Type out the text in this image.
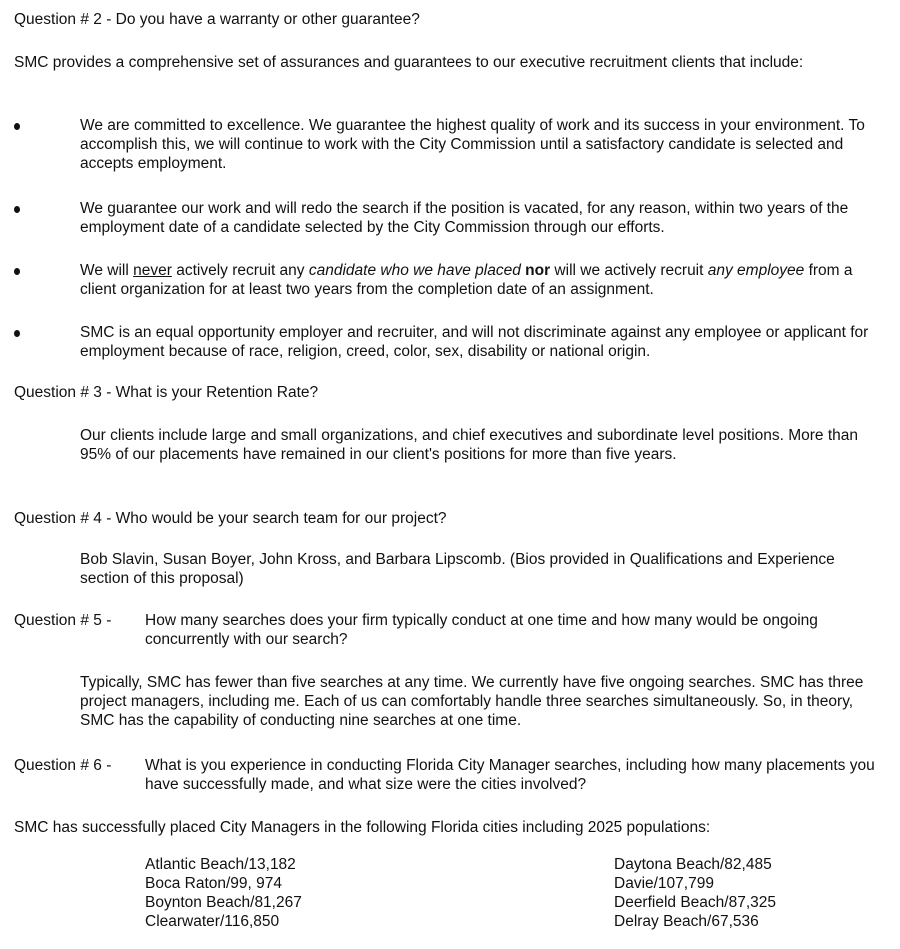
Question # 2 - Do you have a warranty or other guarantee?
SMC provides a comprehensive set of assurances and guarantees to our executive recruitment clients that include:
We are committed to excellence. We guarantee the highest quality of work and its success in your environment. To accomplish this, we will continue to work with the City Commission until a satisfactory candidate is selected and accepts employment.
We guarantee our work and will redo the search if the position is vacated, for any reason, within two years of the employment date of a candidate selected by the City Commission through our efforts.
We will never actively recruit any candidate who we have placed nor will we actively recruit any employee from a client organization for at least two years from the completion date of an assignment.
SMC is an equal opportunity employer and recruiter, and will not discriminate against any employee or applicant for employment because of race, religion, creed, color, sex, disability or national origin.
Question # 3 - What is your Retention Rate?
Our clients include large and small organizations, and chief executives and subordinate level positions. More than 95% of our placements have remained in our client's positions for more than five years.
Question # 4 - Who would be your search team for our project?
Bob Slavin, Susan Boyer, John Kross, and Barbara Lipscomb. (Bios provided in Qualifications and Experience section of this proposal)
Question # 5 - How many searches does your firm typically conduct at one time and how many would be ongoing concurrently with our search?
Typically, SMC has fewer than five searches at any time. We currently have five ongoing searches. SMC has three project managers, including me. Each of us can comfortably handle three searches simultaneously. So, in theory, SMC has the capability of conducting nine searches at one time.
Question # 6 - What is you experience in conducting Florida City Manager searches, including how many placements you have successfully made, and what size were the cities involved?
SMC has successfully placed City Managers in the following Florida cities including 2025 populations:
Atlantic Beach/13,182
Boca Raton/99, 974
Boynton Beach/81,267
Clearwater/116,850
Daytona Beach/82,485
Davie/107,799
Deerfield Beach/87,325
Delray Beach/67,536
